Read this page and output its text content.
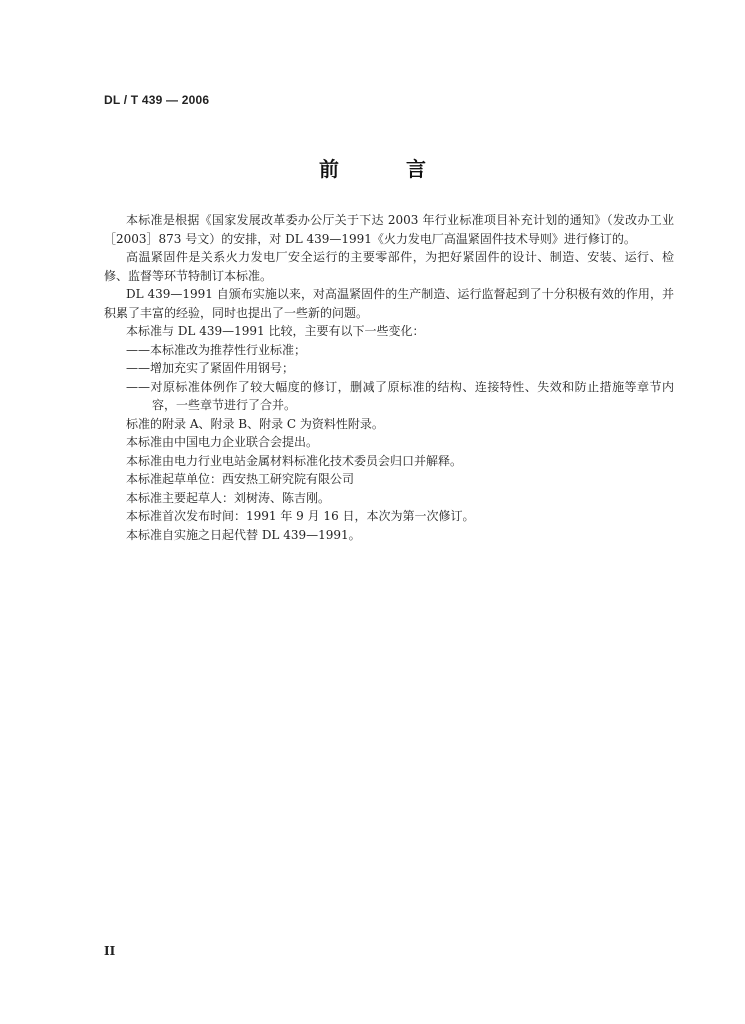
DL / T 439 — 2006
前 言

本标准是根据《国家发展改革委办公厅关于下达 2003 年行业标准项目补充计划的通知》（发改办工业［2003］873 号文）的安排，对 DL 439—1991《火力发电厂高温紧固件技术导则》进行修订的。

高温紧固件是关系火力发电厂安全运行的主要零部件，为把好紧固件的设计、制造、安装、运行、检修、监督等环节特制订本标准。

DL 439—1991 自颁布实施以来，对高温紧固件的生产制造、运行监督起到了十分积极有效的作用，并积累了丰富的经验，同时也提出了一些新的问题。

本标准与 DL 439—1991 比较，主要有以下一些变化：

——本标准改为推荐性行业标准；

——增加充实了紧固件用钢号；

——对原标准体例作了较大幅度的修订，删减了原标准的结构、连接特性、失效和防止措施等章节内容，一些章节进行了合并。

标准的附录 A、附录 B、附录 C 为资料性附录。

本标准由中国电力企业联合会提出。

本标准由电力行业电站金属材料标准化技术委员会归口并解释。

本标准起草单位：西安热工研究院有限公司

本标准主要起草人：刘树涛、陈吉刚。

本标准首次发布时间：1991 年 9 月 16 日，本次为第一次修订。

本标准自实施之日起代替 DL 439—1991。

II
